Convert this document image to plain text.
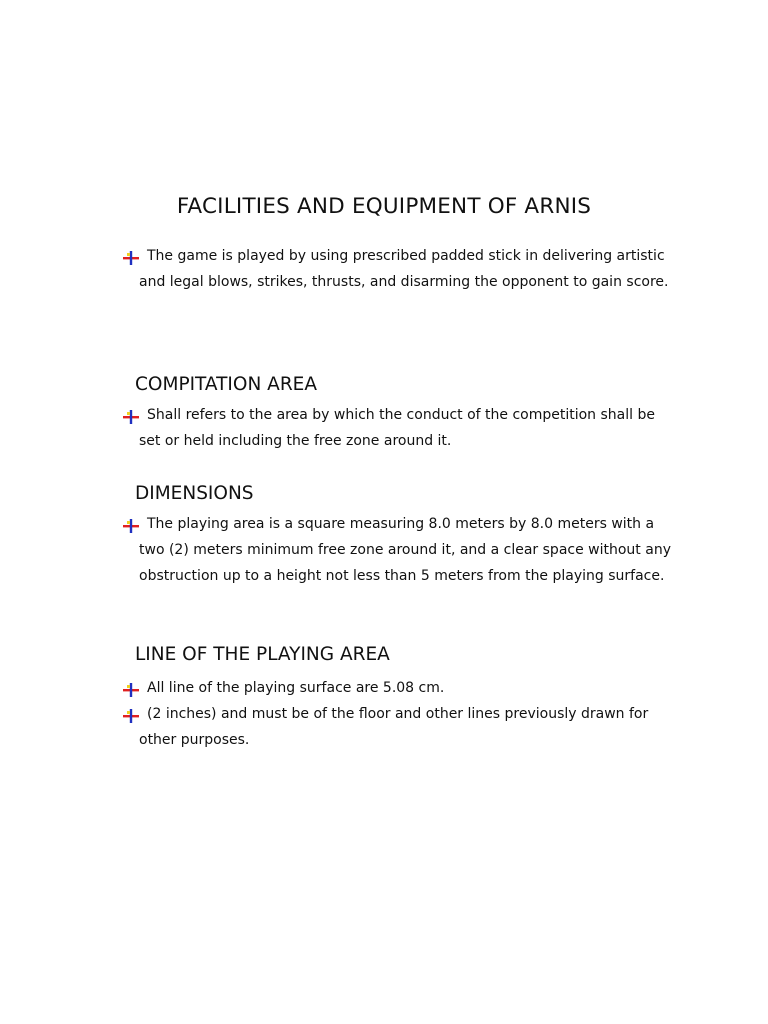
FACILITIES AND EQUIPMENT OF ARNIS

The game is played by using prescribed padded stick in delivering artistic and legal blows, strikes, thrusts, and disarming the opponent to gain score.

COMPITATION AREA

Shall refers to the area by which the conduct of the competition shall be set or held including the free zone around it.

DIMENSIONS

The playing area is a square measuring 8.0 meters by 8.0 meters with a two (2) meters minimum free zone around it, and a clear space without any obstruction up to a height not less than 5 meters from the playing surface.

LINE OF THE PLAYING AREA

All line of the playing surface are 5.08 cm.

(2 inches) and must be of the floor and other lines previously drawn for other purposes.
